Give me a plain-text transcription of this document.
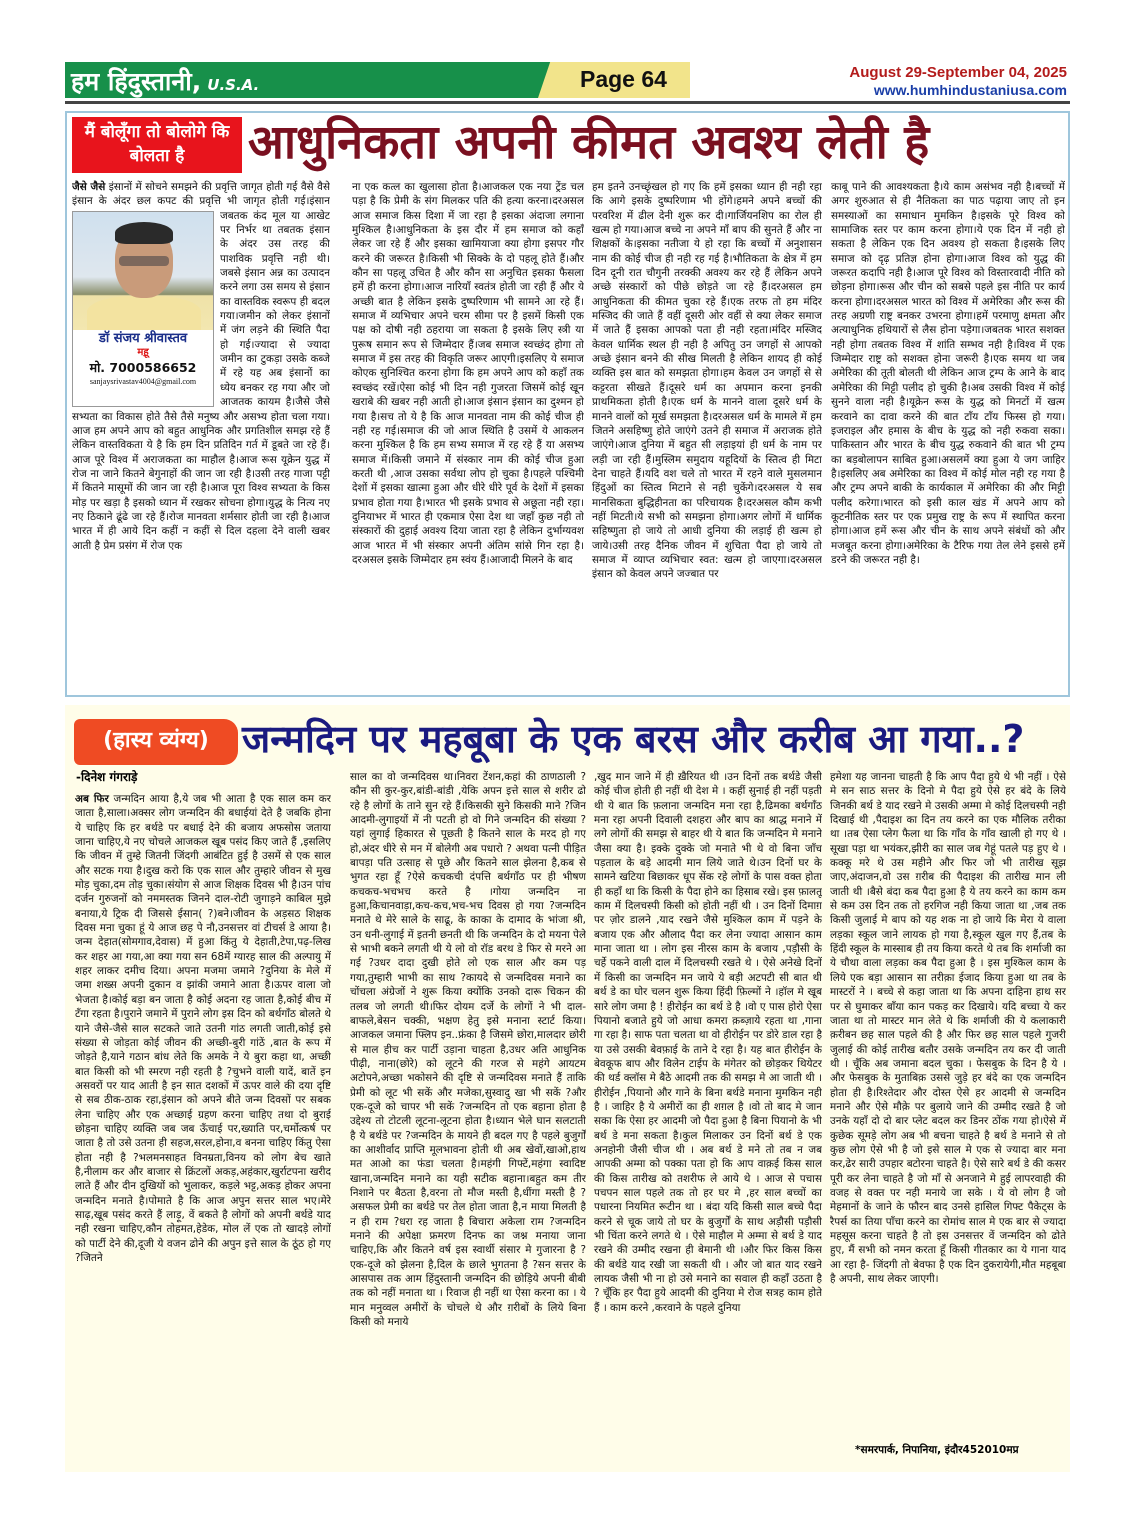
हम हिंदुस्तानी, U.S.A.	Page 64	August 29-September 04, 2025
www.humhindustaniusa.com
मैं बोलूँगा तो बोलोगे कि बोलता है	आधुनिकता अपनी कीमत अवश्य लेती है
डॉ संजय श्रीवास्तव
मह़ू
मो. 7000586652
sanjaysrivastav4004@gmail.com
जैसे जैसे इंसानों में सोचने समझने की प्रवृत्ति जागृत होती गई वैसे वैसे इंसान के अंदर छल कपट की प्रवृत्ति भी जागृत होती गई।इंसान जबतक कंद मूल या आखेट पर निर्भर था तबतक इंसान के अंदर उस तरह की पाशविक प्रवृत्ति नही थी।जबसे इंसान अन्न का उत्पादन करने लगा उस समय से इंसान का वास्तविक स्वरूप ही बदल गया।जमीन को लेकर इंसानों में जंग लड़ने की स्थिति पैदा हो गई।ज्यादा से ज्यादा जमीन का टुकड़ा उसके कब्जे में रहे यह अब इंसानों का ध्येय बनकर रह गया और जो आजतक कायम है।जैसे जैसे सभ्यता का विकास होते तैसे तैसे मनुष्य और असभ्य होता चला गया।आज हम अपने आप को बहुत आधुनिक और प्रगतिशील समझ रहे हैं लेकिन वास्तविकता ये है कि हम दिन प्रतिदिन गर्त में डूबते जा रहे हैं।आज पूरे विश्व में अराजकता का माहौल है।आज रूस यूक्रेन युद्ध में रोज ना जाने कितने बेगुनाहों की जान जा रही है।उसी तरह गाजा पट्टी में कितने मासूमों की जान जा रही है।आज पूरा विश्व सभ्यता के किस मोड़ पर खड़ा है इसको ध्यान में रखकर सोचना होगा।युद्ध के नित्य नए नए ठिकाने ढूंढे जा रहे हैं।रोज मानवता शर्मसार होती जा रही है।आज भारत में ही आये दिन कहीं न कहीं से दिल दहला देने वाली खबर आती है प्रेम प्रसंग में रोज एक
ना एक कत्ल का खुलासा होता है।आजकल एक नया ट्रेंड चल पड़ा है कि प्रेमी के संग मिलकर पति की हत्या करना।दरअसल आज समाज किस दिशा में जा रहा है इसका अंदाजा लगाना मुश्किल है।आधुनिकता के इस दौर में हम समाज को कहाँ लेकर जा रहे हैं और इसका खामियाजा क्या होगा इसपर गौर करने की जरूरत है।किसी भी सिक्के के दो पहलू होते हैं।और कौन सा पहलू उचित है और कौन सा अनुचित इसका फैसला हमें ही करना होगा।आज नारियाँ स्वतंत्र होती जा रही हैं और ये अच्छी बात है लेकिन इसके दुष्परिणाम भी सामने आ रहे हैं।समाज में व्यभिचार अपने चरम सीमा पर है इसमें किसी एक पक्ष को दोषी नही ठहराया जा सकता है इसके लिए स्त्री या पुरूष समान रूप से जिम्मेदार हैं।जब समाज स्वच्छंद होगा तो समाज में इस तरह की विकृति जरूर आएगी।इसलिए ये समाज कोएक सुनिश्चित करना होगा कि हम अपने आप को कहाँ तक स्वच्छंद रखें।ऐसा कोई भी दिन नही गुजरता जिसमें कोई खून खराबे की खबर नही आती हो।आज इंसान इंसान का दुश्मन हो गया है।सच तो ये है कि आज मानवता नाम की कोई चीज ही नही रह गई।समाज की जो आज स्थिति है उसमें ये आकलन करना मुश्किल है कि हम सभ्य समाज में रह रहे हैं या असभ्य समाज में।किसी जमाने में संस्कार नाम की कोई चीज हुआ करती थी ,आज उसका सर्वथा लोप हो चुका है।पहले पश्चिमी देशों में इसका खात्मा हुआ और धीरे धीरे पूर्व के देशों में इसका प्रभाव होता गया है।भारत भी इसके प्रभाव से अछूता नही रहा।दुनियाभर में भारत ही एकमात्र ऐसा देश था जहाँ कुछ नही तो संस्कारों की दुहाई अवश्य दिया जाता रहा है लेकिन दुर्भाग्यवश आज भारत में भी संस्कार अपनी अंतिम सांसे गिन रहा है।दरअसल इसके जिम्मेदार हम स्वंय हैं।आजादी मिलने के बाद
हम इतने उनच्छृंखल हो गए कि हमें इसका ध्यान ही नही रहा कि आगे इसके दुष्परिणाम भी होंगे।हमने अपने बच्चों की परवरिश में ढील देनी शुरू कर दी।गार्जियनशिप का रोल ही खत्म हो गया।आज बच्चे ना अपने माँ बाप की सुनते हैं और ना शिक्षकों के।इसका नतीजा ये हो रहा कि बच्चों में अनुशासन नाम की कोई चीज ही नही रह गई है।भौतिकता के क्षेत्र में हम दिन दूनी रात चौगुनी तरक्की अवश्य कर रहे हैं लेकिन अपने अच्छे संस्कारों को पीछे छोड़ते जा रहे हैं।दरअसल हम आधुनिकता की कीमत चुका रहे हैं।एक तरफ तो हम मंदिर मस्जिद की जाते हैं वहीं दूसरी ओर वहीं से क्या लेकर समाज में जाते हैं इसका आपको पता ही नही रहता।मंदिर मस्जिद केवल धार्मिक स्थल ही नही है अपितु उन जगहों से आपको अच्छे इंसान बनने की सीख मिलती है लेकिन शायद ही कोई व्यक्ति इस बात को समझता होगा।हम केवल उन जगहों से से कट्टरता सीखते हैं।दूसरे धर्म का अपमान करना इनकी प्राथमिकता होती है।एक धर्म के मानने वाला दूसरे धर्म के मानने वालों को मूर्ख समझता है।दरअसल धर्म के मामले में हम जितने असहिष्णु होते जाएंगे उतने ही समाज में अराजक होते जाएंगे।आज दुनिया में बहुत सी लड़ाइयां ही धर्म के नाम पर लड़ी जा रही हैं।मुस्लिम समुदाय यहूदियों के स्तित्व ही मिटा देना चाहते हैं।यदि वश चले तो भारत में रहने वाले मुसलमान हिंदुओं का स्तित्व मिटाने से नही चुकेंगे।दरअसल ये सब मानसिकता बुद्धिहीनता का परिचायक है।दरअसल कौम कभी नहीं मिटती।ये सभी को समझना होगा।अगर लोगों में धार्मिक सहिष्णुता हो जाये तो आधी दुनिया की लड़ाई ही खत्म हो जाये।उसी तरह दैनिक जीवन में शुचिता पैदा हो जाये तो समाज में व्याप्त व्यभिचार स्वत: खत्म हो जाएगा।दरअसल इंसान को केवल अपने जज्बात पर
काबू पाने की आवश्यकता है।ये काम असंभव नही है।बच्चों में अगर शुरुआत से ही नैतिकता का पाठ पढ़ाया जाए तो इन समस्याओं का समाधान मुमकिन है।इसके पूरे विश्व को सामाजिक स्तर पर काम करना होगा।ये एक दिन में नही हो सकता है लेकिन एक दिन अवश्य हो सकता है।इसके लिए समाज को दृढ़ प्रतिज्ञ होना होगा।आज विश्व को युद्ध की जरूरत कदापि नही है।आज पूरे विश्व को विस्तारवादी नीति को छोड़ना होगा।रूस और चीन को सबसे पहले इस नीति पर कार्य करना होगा।दरअसल भारत को विश्व में अमेरिका और रूस की तरह अग्रणी राष्ट्र बनकर उभरना होगा।हमें परमाणु क्षमता और अत्याधुनिक हथियारों से लैस होना पड़ेगा।जबतक भारत सशक्त नही होगा तबतक विश्व में शांति सम्भव नही है।विश्व में एक जिम्मेदार राष्ट्र को सशक्त होना जरूरी है।एक समय था जब अमेरिका की तूती बोलती थी लेकिन आज ट्रम्प के आने के बाद अमेरिका की मिट्टी पलीद हो चुकी है।अब उसकी विश्व में कोई सुनने वाला नही है।यूक्रेन रूस के युद्ध को मिनटों में खत्म करवाने का दावा करने की बात टाँय टाँय फिस्स हो गया।इजराइल और हमास के बीच के युद्ध को नही रुकवा सका।पाकिस्तान और भारत के बीच युद्ध रुकवाने की बात भी ट्रम्प का बड़बोलापन साबित हुआ।असलमें क्या हुआ ये जग जाहिर है।इसलिए अब अमेरिका का विश्व में कोई मोल नही रह गया है और ट्रम्प अपने बाकी के कार्यकाल में अमेरिका की और मिट्टी पलीद करेगा।भारत को इसी काल खंड में अपने आप को कूटनीतिक स्तर पर एक प्रमुख राष्ट्र के रूप में स्थापित करना होगा।आज हमें रूस और चीन के साथ अपने संबंधों को और मजबूत करना होगा।अमेरिका के टैरिफ गया तेल लेने इससे हमें डरने की जरूरत नही है।
(हास्य व्यंग्य) जन्मदिन पर महबूबा के एक बरस और करीब आ गया..?
-दिनेश गंगराड़े
अब फिर जन्मदिन आया है,ये जब भी आता है एक साल कम कर जाता है,साला।अक्सर लोग जन्मदिन की बधाईयां देते है जबकि होना ये चाहिए कि हर बर्थडे पर बधाई देने की बजाय अफसोस जताया जाना चाहिए,ये नए चोचले आजकल खूब पसंद किए जाते हैं ,इसलिए कि जीवन में तुम्हे जितनी जिंदगी आबंटित हुई है उसमें से एक साल और सटक गया है।दुख करो कि एक साल और तुम्हारे जीवन से मुख मोड़ चुका,दम तोड़ चुका।संयोग से आज शिक्षक दिवस भी है।उन पांच दर्जन गुरुजनों को नममस्तक जिनने दाल-रोटी जुगाड़ने काबिल मुझे बनाया,ये ट्रिक दी जिससे ईसान( ?)बने।जीवन के अड़सठ शिक्षक दिवस मना चुका हूं ये आज छह पे नौ,उनसत्तर वां टीचर्स डे आया है।जन्म देहात(सोमगाव,देवास) में हुआ किंतु ये देहाती,टेपा,पढ़-लिख कर शहर आ गया,आ क्या गया सन 68में ग्यारह साल की अल्पायु में शहर लाकर दमीच दिया। अपना मजमा जमाने ?दुनिया के मेले में जमा शख्स अपनी दुकान व झांकी जमाने आता है।ऊपर वाला जो भेजता है।कोई बड़ा बन जाता है कोई अदना रह जाता है,कोई बीच में टँगा रहता है।पुराने जमाने में पुराने लोग इस दिन को बर्थगाँठ बोलते थे याने जैसे-जैसे साल सटकते जाते उतनी गांठ लगती जाती,कोई इसे संख्या से जोड़ता कोई जीवन की अच्छी-बुरी गांठें ,बात के रूप में जोड़ते है,याने गठान बांध लेते कि अमके ने ये बुरा कहा था, अच्छी बात किसी को भी स्मरण नही रहती है ?चुभने वाली यादें, बातें इन असवरों पर याद आती है इन सात दशकों में ऊपर वाले की दया दृष्टि से सब ठीक-ठाक रहा,इंसान को अपने बीते जन्म दिवसों पर सबक लेना चाहिए और एक अच्छाई ग्रहण करना चाहिए तथा दो बुराई छोड़ना चाहिए व्यक्ति जब जब ऊँचाई पर,ख्याति पर,चर्मोत्कर्ष पर जाता है तो उसे उतना ही सहज,सरल,होना,व बनना चाहिए किंतु ऐसा होता नही है ?भलमनसाहत विनम्रता,विनय को लोग बेच खाते है,नीलाम कर और बाजार से क्रिंटलों अकड़,अहंकार,खुर्राटपना खरीद लाते हैं और दीन दुखियों को भुलाकर, कड़ले भट्ट,अकड़ होकर अपना जन्मदिन मनाते है।पोमाते है कि आज अपुन सत्तर साल भए।मेरे साढ़,खूब पसंद करते हैं लाड़ू, वें बकते है लोगों को अपनी बर्थडे याद नही रखना चाहिए,कौन तोहमत,हेडेक, मोल लें एक तो खादड़े लोगों को पार्टी देने की,दूजी ये वजन ढोने की अपुन इत्ते साल के ठूंठ हो गए ?जितने
साल का वो जन्मदिवस था।निवरा टेंशन,कहां की ठाणठाली ?कौन सी कुर-कुर,बांडी-बांडी ,येकि अपन इत्ते साल से शरीर ढो रहे है लोगों के ताने सुन रहे हैं।किसकी सुने किसकी माने ?जिन आदमी-लुगाइयों में नी पटती हो वो गिने जन्मदिन की संख्या ?यहां लुगाई हिकारत से पूछती है कितने साल के मरद हो गए हो,अंदर धीरे से मन में बोलेगी अब पधारो ? अथवा पत्नी पीड़ित बापड़ा पति उत्साह से पूछे और कितने साल झेलना है,कब से भुगत रहा हूँ ?ऐसे कचकची दंपत्ति बर्थगाँठ पर ही भीषण कचकच-भचभच करते है ।गोया जन्मदिन ना हुआ,किचानवाड़ा,कच-कच,भच-भच दिवस हो गया ?जन्मदिन मनाते थे मेरे साले के साढू, के काका के दामाद के भांजा श्री, उन धनी-लुगाई में इतनी छनती थी कि जन्मदिन के दो मयना पेले से भाभी बकने लगती थी ये लो वो रॉड बरथ डे फिर से मरने आ गई ?उधर दादा दुखी होते लो एक साल और कम पड़ गया,तुम्हारी भाभी का साथ ?कायदे से जन्मदिवस मनाने का चोंचला अंग्रेजों ने शुरू किया क्योंकि उनको दारू चिकन की तलब जो लगती थी।फिर दोयम दर्जे के लोगों ने भी दाल-बाफले,बेसन चक्की, भक्षण हेतु इसे मनाना स्टार्ट किया।आजकल जमाना फ्लिप इन..फ्रंका है जिसमे छोरा,मालदार छोरी से माल हीच कर पार्टी उड़ाना चाहता है,उधर अति आधुनिक पीढ़ी, नाना(छोरे) को लूटने की गरज से महंगे आयटम अटोपने,अच्छा भकोसने की दृष्टि से जन्मदिवस मनाते हैं ताकि प्रेमी को लूट भी सकें और मजेका,सुस्वादु खा भी सकें ?और एक-दूजे को चापर भी सकें ?जन्मदिन तो एक बहाना होता है उद्देश्य तो टोटली लूटना-लूटना होता है।ध्यान भेले घान सलटाती है ये बर्थडे पर ?जन्मदिन के मायने ही बदल गए है पहले बुजुर्गों का आशीर्वाद प्राप्ति मूलभावना होती थी अब खेवों,खाओ,हाथ मत आओ का फंडा चलता है।महंगी गिफ्टें,महंगा स्वादिष्ट खाना,जन्मदिन मनाने का यही सटीक बहाना।बहुत कम तीर निशाने पर बैठता है,वरना तो मौज मस्ती है,धींगा मस्ती है ?असफल प्रेमी का बर्थडे पर तेल होता जाता है,न माया मिलती है न ही राम ?धरा रह जाता है बिचारा अकेला राम ?जन्मदिन मनाने की अपेक्षा फ्रमरण दिनफ का जश्न मनाया जाना चाहिए,कि और कितने वर्ष इस स्वार्थी संसार मे गुजारना है ?एक-दूजे को झेलना है,दिल के छाले भुगतना है ?सन सत्तर के आसपास तक आम हिंदुस्तानी जन्मदिन की छोड़िये अपनी बीबी तक को नहीं मनाता था । रिवाज ही नहीं था ऐसा करना का । ये मान मनुव्वल अमीरों के चोचले थे और ग़रीबों के लिये बिना किसी को मनाये
,खुद मान जाने में ही ख़ैरियत थी ।उन दिनों तक बर्थडे जैसी कोई चीज होती ही नहीं थी देश मे । कहीं सुनाई ही नहीं पड़ती थी ये बात कि फ़लाना जन्मदिन मना रहा है,ढिमका बर्थगाँठ मना रहा अपनी दिवाली दशहरा और बाप का श्राद्ध मनाने में लगे लोगों की समझ से बाहर थी ये बात कि जन्मदिन मे मनाने जैसा क्या है। इक्के दुक्के जो मनाते भी थे वो बिना जाँच पड़ताल के बड़े आदमी मान लिये जाते थे।उन दिनों घर के सामने खटिया बिछाकर धूप सेंक रहे लोगों के पास वक्त होता ही कहाँ था कि किसी के पैदा होने का हिसाब रखे। इस फ़ालतू काम में दिलचस्पी किसी को होती नहीं थी । उन दिनों दिमाग़ पर ज़ोर डालने ,याद रखने जैसे मुश्किल काम में पड़ने के बजाय एक और औलाद पैदा कर लेना ज्यादा आसान काम माना जाता था । लोग इस नीरस काम के बजाय ,पड़ौसी के चर्हे पकने वाली दाल में दिलचस्पी रखते थे । ऐसे अनेखे दिनों में किसी का जन्मदिन मन जाये ये बड़ी अटपटी सी बात थी बर्थ डे का घोर चलन शुरू किया हिंदी फ़िल्मों ने ।हॉल मे खूब सारे लोग जमा है ! हीरोईन का बर्थ डे है ।वो ए पास होरो ऐसा पियानो बजाते हुये जो आधा कमरा क़ब्ज़ाये रहता था ,गाना गा रहा है। साफ पता चलता था वो हीरोईन पर डोरे डाल रहा है या उसे उसकी बेवफ़ाई के ताने दे रहा है। यह बात हीरोईन के बेवकूफ बाप और विलेन टाईप के मंगेतर को छोड़कर थियेटर की थर्ड क्लॉस मे बैठे आदमी तक की समझ मे आ जाती थी । हीरोईन ,पियानो और गाने के बिना बर्थडे मनाना मुमकिन नही है । जाहिर है ये अमीरों का ही शग़ल है ।वो तो बाद मे जान सका कि ऐसा हर आदमी जो पैदा हुआ है बिना पियानो के भी बर्थ डे मना सकता है।कुल मिलाकर उन दिनों बर्थ डे एक अनहोनी जैसी चीज थी । अब बर्थ डे मने तो तब न जब आपकी अम्मा को पक्का पता हो कि आप वाक़ई किस साल की किस तारीख को तशरीफ ले आये थे । आज से पचास पचपन साल पहले तक तो हर घर मे ,हर साल बच्चों का पधारना नियमित रूटीन था । बंदा यदि किसी साल बच्चे पैदा करने से चूक जाये तो घर के बुजुर्गों के साथ अड़ौसी पड़ौसी भी चिंता करने लगते थे । ऐसे माहौल मे अम्मा से बर्थ डे याद रखने की उम्मीद रखना ही बेमानी थी ।और फिर किस किस की बर्थडे याद रखी जा सकती थी । और जो बात याद रखने लायक जैसी भी ना हो उसे मनाने का सवाल ही कहाँ उठता है ? चूँकि हर पैदा हुये आदमी की दुनिया मे रोज सत्रह काम होते हैं । काम करने ,करवाने के पहले दुनिया
हमेशा यह जानना चाहती है कि आप पैदा हुये थे भी नहीं । ऐसे मे सन साठ सत्तर के दिनो मे पैदा हुये ऐसे हर बंदे के लिये जिनकी बर्थ डे याद रखने मे उसकी अम्मा मे कोई दिलचस्पी नही दिखाई थी ,पैदाइश का दिन तय करने का एक मौलिक तरीका था ।तब ऐसा प्लेग फैला था कि गाँव के गाँव खाली हो गए थे ।सूखा पड़ा था भयंकर,झीरी का साल जब गेहूं पतले पड़ हुए थे ।कक्कू मरे थे उस महीने और फिर जो भी तारीख सूझ जाए,अंदाजन,वो उस ग़रीब की पैदाइश की तारीख मान ली जाती थी ।बैसे बंदा कब पैदा हुआ है ये तय करने का काम कम से कम उस दिन तक तो हरगिज नही किया जाता था ,जब तक किसी जुलाई मे बाप को यह शक ना हो जाये कि मेरा ये वाला लड़का स्कूल जाने लायक हो गया है,स्कूल खुल गए हैं,तब के हिंदी स्कूल के मास्साब ही तय किया करते थे तब कि शर्माजी का ये चौथा वाला लड़का कब पैदा हुआ है । इस मुश्किल काम के लिये एक बड़ा आसान सा तरीक़ा ईजाद किया हुआ था तब के मास्टरों ने । बच्चे से कहा जाता था कि अपना दाहिना हाथ सर पर से घुमाकर बाँया कान पकड़ कर दिखाये। यदि बच्चा ये कर जाता था तो मास्टर मान लेते थे कि शर्माजी की ये कलाकारी क़रीबन छह साल पहले की है और फिर छह साल पहले गुजरी जुलाई की कोई तारीख बतौर उसके जन्मदिन तय कर दी जाती थी । चूँकि अब जमाना बदल चुका । फेसबुक के दिन है ये । और फेसबुक के मुताबिक़ उससे जुड़े हर बंदे का एक जन्मदिन होता ही है।रिश्तेदार और दोस्त ऐसे हर आदमी से जन्मदिन मनाने और ऐसे मौक़े पर बुलाये जाने की उम्मीद रखते है जो उनके यहाँ दो दो बार प्लेट बदल कर डिनर ठोंक गया हो।ऐसे में कुछेक सूमड़े लोग अब भी बचना चाहते है बर्थ डे मनाने से तो कुछ लोग ऐसे भी है जो इसे साल मे एक से ज्यादा बार मना कर,ढेर सारी उपहार बटोरना चाहते है। ऐसे सारे बर्थ डे की कसर पूरी कर लेना चाहते है जो माँ से अनजाने मे हुई लापरवाही की वजह से वक्त पर नही मनाये जा सके । ये वो लोग है जो मेहमानों के जाने के फौरन बाद उनसे हासिल गिफ्ट पैकेट्स के रैपर्स का तिया पाँचा करने का रोमांच साल मे एक बार से ज्यादा महसूस करना चाहते है तो इस उनसत्तर वें जन्मदिन को ढोते हुए, मैं सभी को नमन करता हूँ किसी गीतकार का ये गाना याद आ रहा है- जिंदगी तो बेवफा है एक दिन दुकरायेगी,मौत महबूबा है अपनी, साथ लेकर जाएगी।
*समरपार्क, निपानिया, इंदौर452010मप्र
